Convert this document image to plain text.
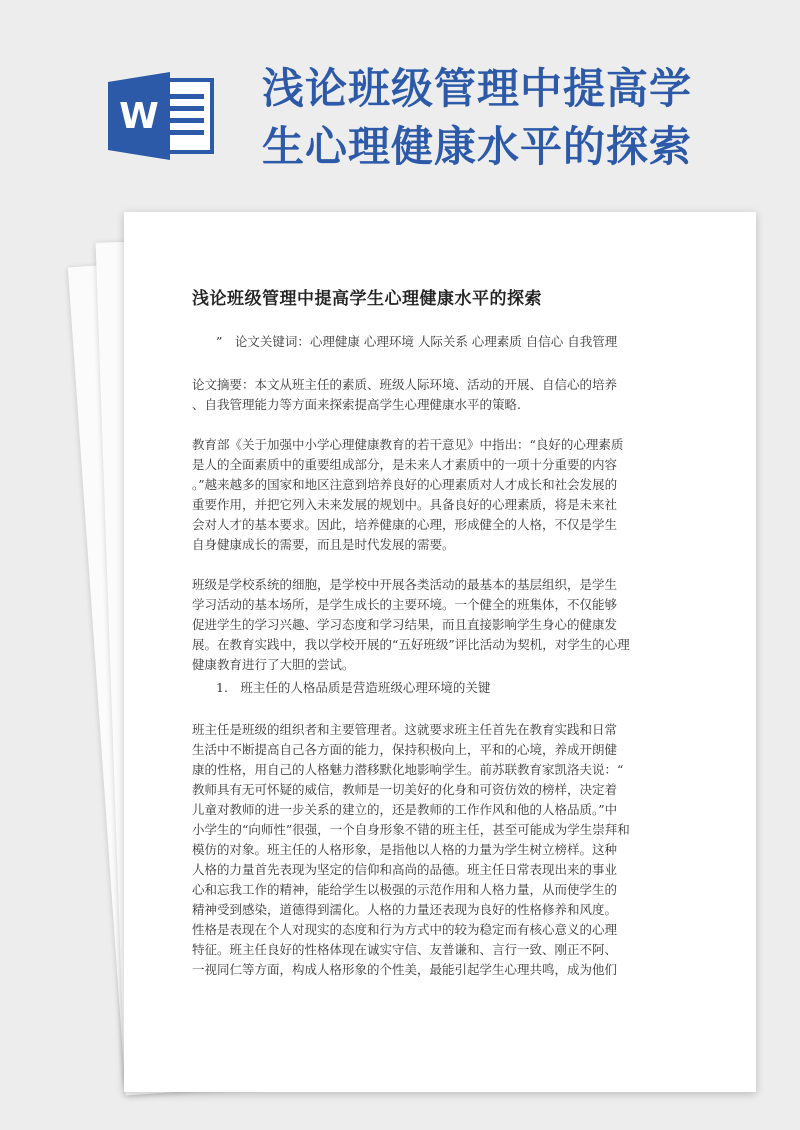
W
浅论班级管理中提高学
生心理健康水平的探索
浅论班级管理中提高学生心理健康水平的探索
”　论文关键词：心理健康 心理环境 人际关系 心理素质 自信心 自我管理

论文摘要：本文从班主任的素质、班级人际环境、活动的开展、自信心的培养
、自我管理能力等方面来探索提高学生心理健康水平的策略.

教育部《关于加强中小学心理健康教育的若干意见》中指出：“良好的心理素质
是人的全面素质中的重要组成部分，是未来人才素质中的一项十分重要的内容
。”越来越多的国家和地区注意到培养良好的心理素质对人才成长和社会发展的
重要作用，并把它列入未来发展的规划中。具备良好的心理素质，将是未来社
会对人才的基本要求。因此，培养健康的心理，形成健全的人格，不仅是学生
自身健康成长的需要，而且是时代发展的需要。

班级是学校系统的细胞，是学校中开展各类活动的最基本的基层组织，是学生
学习活动的基本场所，是学生成长的主要环境。一个健全的班集体，不仅能够
促进学生的学习兴趣、学习态度和学习结果，而且直接影响学生身心的健康发
展。在教育实践中，我以学校开展的“五好班级”评比活动为契机，对学生的心理
健康教育进行了大胆的尝试。

1.　班主任的人格品质是营造班级心理环境的关键

班主任是班级的组织者和主要管理者。这就要求班主任首先在教育实践和日常
生活中不断提高自己各方面的能力，保持积极向上，平和的心境，养成开朗健
康的性格，用自己的人格魅力潜移默化地影响学生。前苏联教育家凯洛夫说：“
教师具有无可怀疑的威信，教师是一切美好的化身和可资仿效的榜样，决定着
儿童对教师的进一步关系的建立的，还是教师的工作作风和他的人格品质。”中
小学生的“向师性”很强，一个自身形象不错的班主任，甚至可能成为学生崇拜和
模仿的对象。班主任的人格形象，是指他以人格的力量为学生树立榜样。这种
人格的力量首先表现为坚定的信仰和高尚的品德。班主任日常表现出来的事业
心和忘我工作的精神，能给学生以极强的示范作用和人格力量，从而使学生的
精神受到感染，道德得到濡化。人格的力量还表现为良好的性格修养和风度。
性格是表现在个人对现实的态度和行为方式中的较为稳定而有核心意义的心理
特征。班主任良好的性格体现在诚实守信、友普谦和、言行一致、刚正不阿、
一视同仁等方面，构成人格形象的个性美，最能引起学生心理共鸣，成为他们
